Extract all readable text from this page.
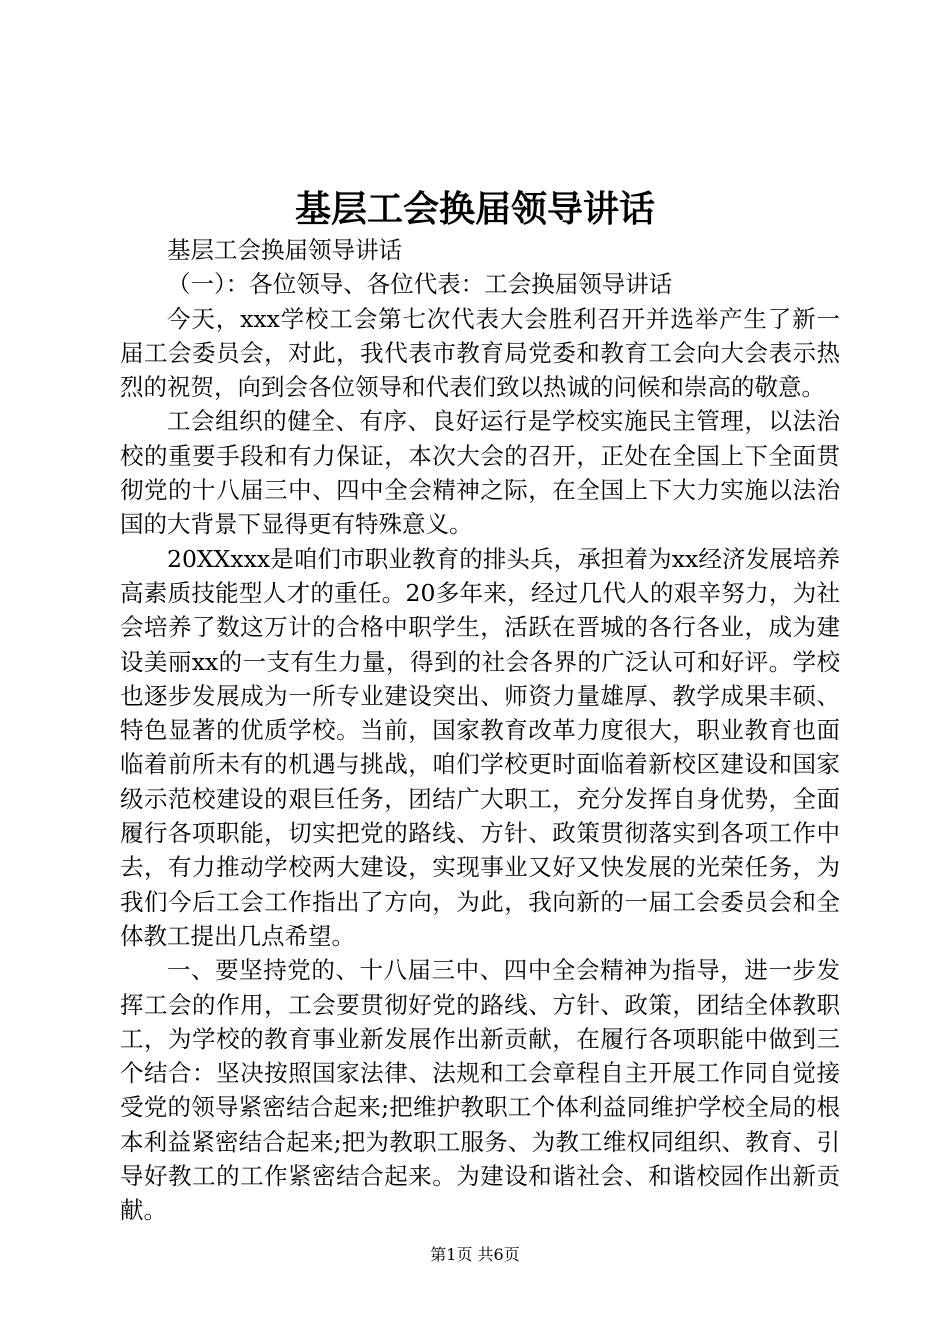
基层工会换届领导讲话

基层工会换届领导讲话

（一）：各位领导、各位代表：工会换届领导讲话

今天，xxx学校工会第七次代表大会胜利召开并选举产生了新一届工会委员会，对此，我代表市教育局党委和教育工会向大会表示热烈的祝贺，向到会各位领导和代表们致以热诚的问候和崇高的敬意。

工会组织的健全、有序、良好运行是学校实施民主管理，以法治校的重要手段和有力保证，本次大会的召开，正处在全国上下全面贯彻党的十八届三中、四中全会精神之际，在全国上下大力实施以法治国的大背景下显得更有特殊意义。

20XXxxx是咱们市职业教育的排头兵，承担着为xx经济发展培养高素质技能型人才的重任。20多年来，经过几代人的艰辛努力，为社会培养了数这万计的合格中职学生，活跃在晋城的各行各业，成为建设美丽xx的一支有生力量，得到的社会各界的广泛认可和好评。学校也逐步发展成为一所专业建设突出、师资力量雄厚、教学成果丰硕、特色显著的优质学校。当前，国家教育改革力度很大，职业教育也面临着前所未有的机遇与挑战，咱们学校更时面临着新校区建设和国家级示范校建设的艰巨任务，团结广大职工，充分发挥自身优势，全面履行各项职能，切实把党的路线、方针、政策贯彻落实到各项工作中去，有力推动学校两大建设，实现事业又好又快发展的光荣任务，为我们今后工会工作指出了方向，为此，我向新的一届工会委员会和全体教工提出几点希望。

一、要坚持党的、十八届三中、四中全会精神为指导，进一步发挥工会的作用，工会要贯彻好党的路线、方针、政策，团结全体教职工，为学校的教育事业新发展作出新贡献，在履行各项职能中做到三个结合：坚决按照国家法律、法规和工会章程自主开展工作同自觉接受党的领导紧密结合起来;把维护教职工个体利益同维护学校全局的根本利益紧密结合起来;把为教职工服务、为教工维权同组织、教育、引导好教工的工作紧密结合起来。为建设和谐社会、和谐校园作出新贡献。

第1页 共6页
